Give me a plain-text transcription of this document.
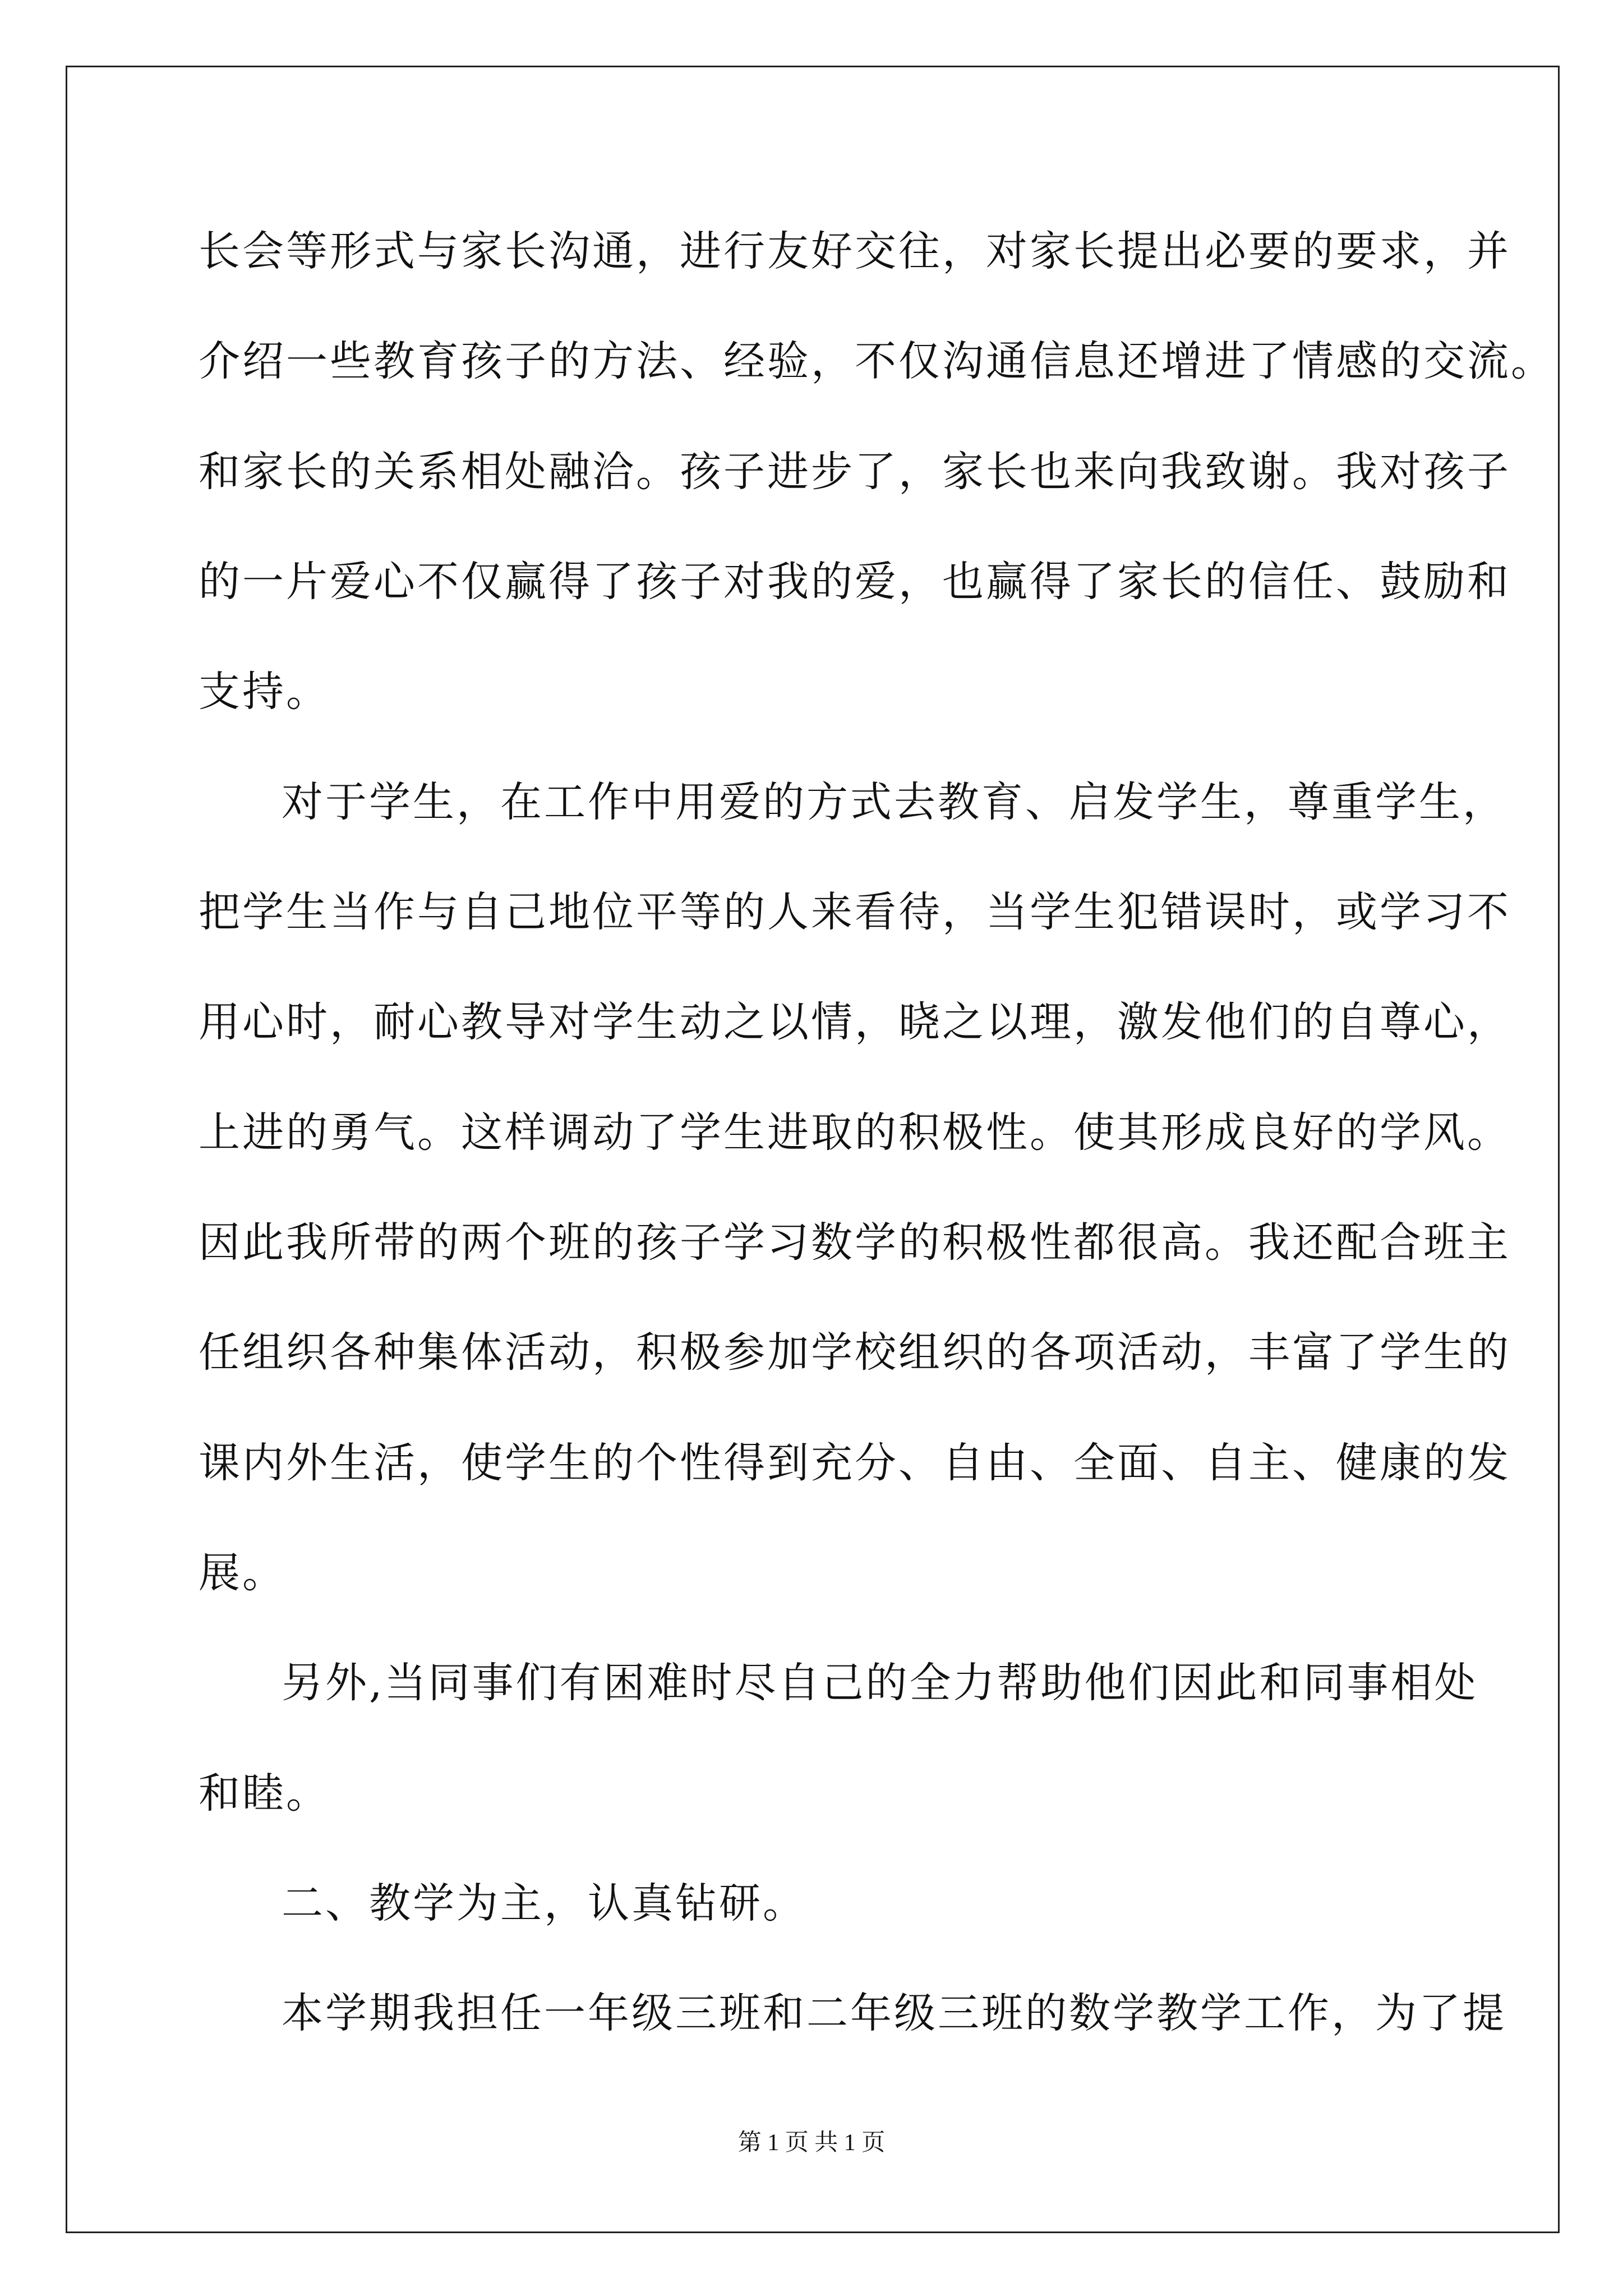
长会等形式与家长沟通，进行友好交往，对家长提出必要的要求，并
介绍一些教育孩子的方法、经验，不仅沟通信息还增进了情感的交流。
和家长的关系相处融洽。孩子进步了，家长也来向我致谢。我对孩子
的一片爱心不仅赢得了孩子对我的爱，也赢得了家长的信任、鼓励和
支持。
对于学生，在工作中用爱的方式去教育、启发学生，尊重学生，
把学生当作与自己地位平等的人来看待，当学生犯错误时，或学习不
用心时，耐心教导对学生动之以情，晓之以理，激发他们的自尊心，
上进的勇气。这样调动了学生进取的积极性。使其形成良好的学风。
因此我所带的两个班的孩子学习数学的积极性都很高。我还配合班主
任组织各种集体活动，积极参加学校组织的各项活动，丰富了学生的
课内外生活，使学生的个性得到充分、自由、全面、自主、健康的发
展。
另外,当同事们有困难时尽自己的全力帮助他们因此和同事相处
和睦。
二、教学为主，认真钻研。
本学期我担任一年级三班和二年级三班的数学教学工作，为了提
第 1 页 共 1 页
